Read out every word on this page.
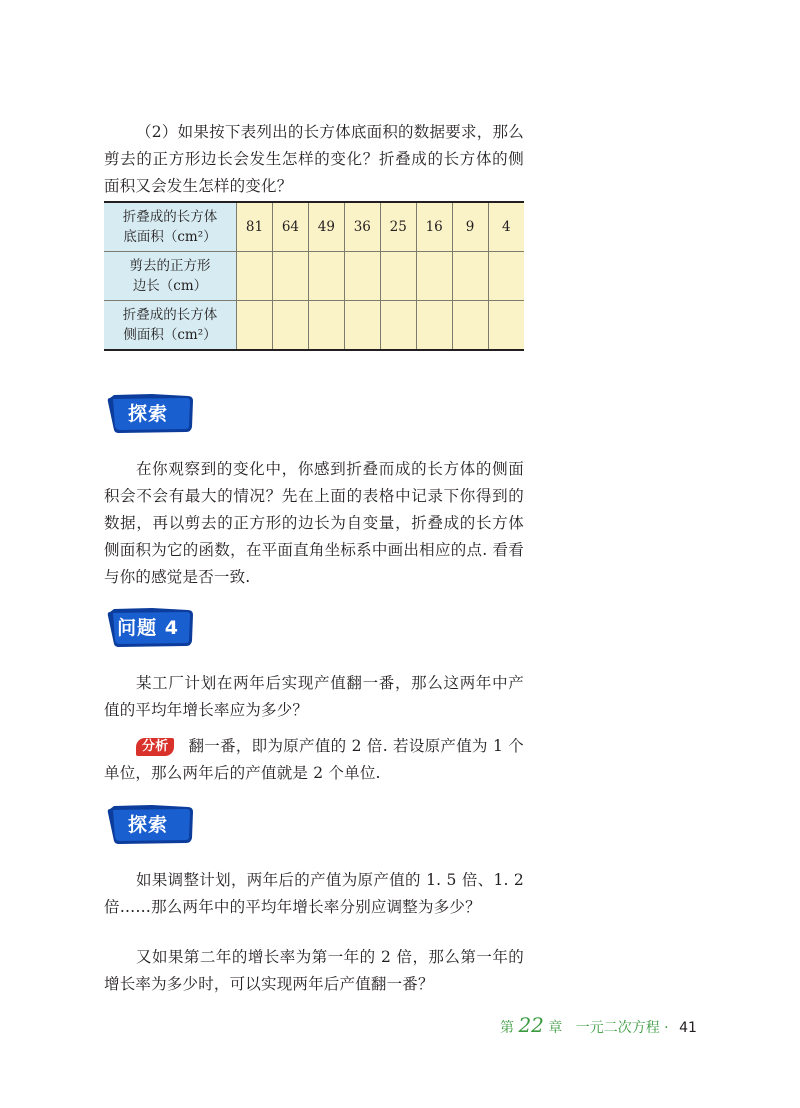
（2）如果按下表列出的长方体底面积的数据要求，那么剪去的正方形边长会发生怎样的变化？折叠成的长方体的侧面积又会发生怎样的变化？

折叠成的长方体
底面积（cm²）	81	64	49	36	25	16	9	4

剪去的正方形
边长（cm）								

折叠成的长方体
侧面积（cm²）								

探索

在你观察到的变化中，你感到折叠而成的长方体的侧面积会不会有最大的情况？先在上面的表格中记录下你得到的数据，再以剪去的正方形的边长为自变量，折叠成的长方体侧面积为它的函数，在平面直角坐标系中画出相应的点. 看看与你的感觉是否一致.

问题 4

某工厂计划在两年后实现产值翻一番，那么这两年中产值的平均年增长率应为多少？

分析 翻一番，即为原产值的 2 倍. 若设原产值为 1 个单位，那么两年后的产值就是 2 个单位.

探索

如果调整计划，两年后的产值为原产值的 1. 5 倍、1. 2 倍……那么两年中的平均年增长率分别应调整为多少？

又如果第二年的增长率为第一年的 2 倍，那么第一年的增长率为多少时，可以实现两年后产值翻一番？

第 22 章 一元二次方程 · 41
